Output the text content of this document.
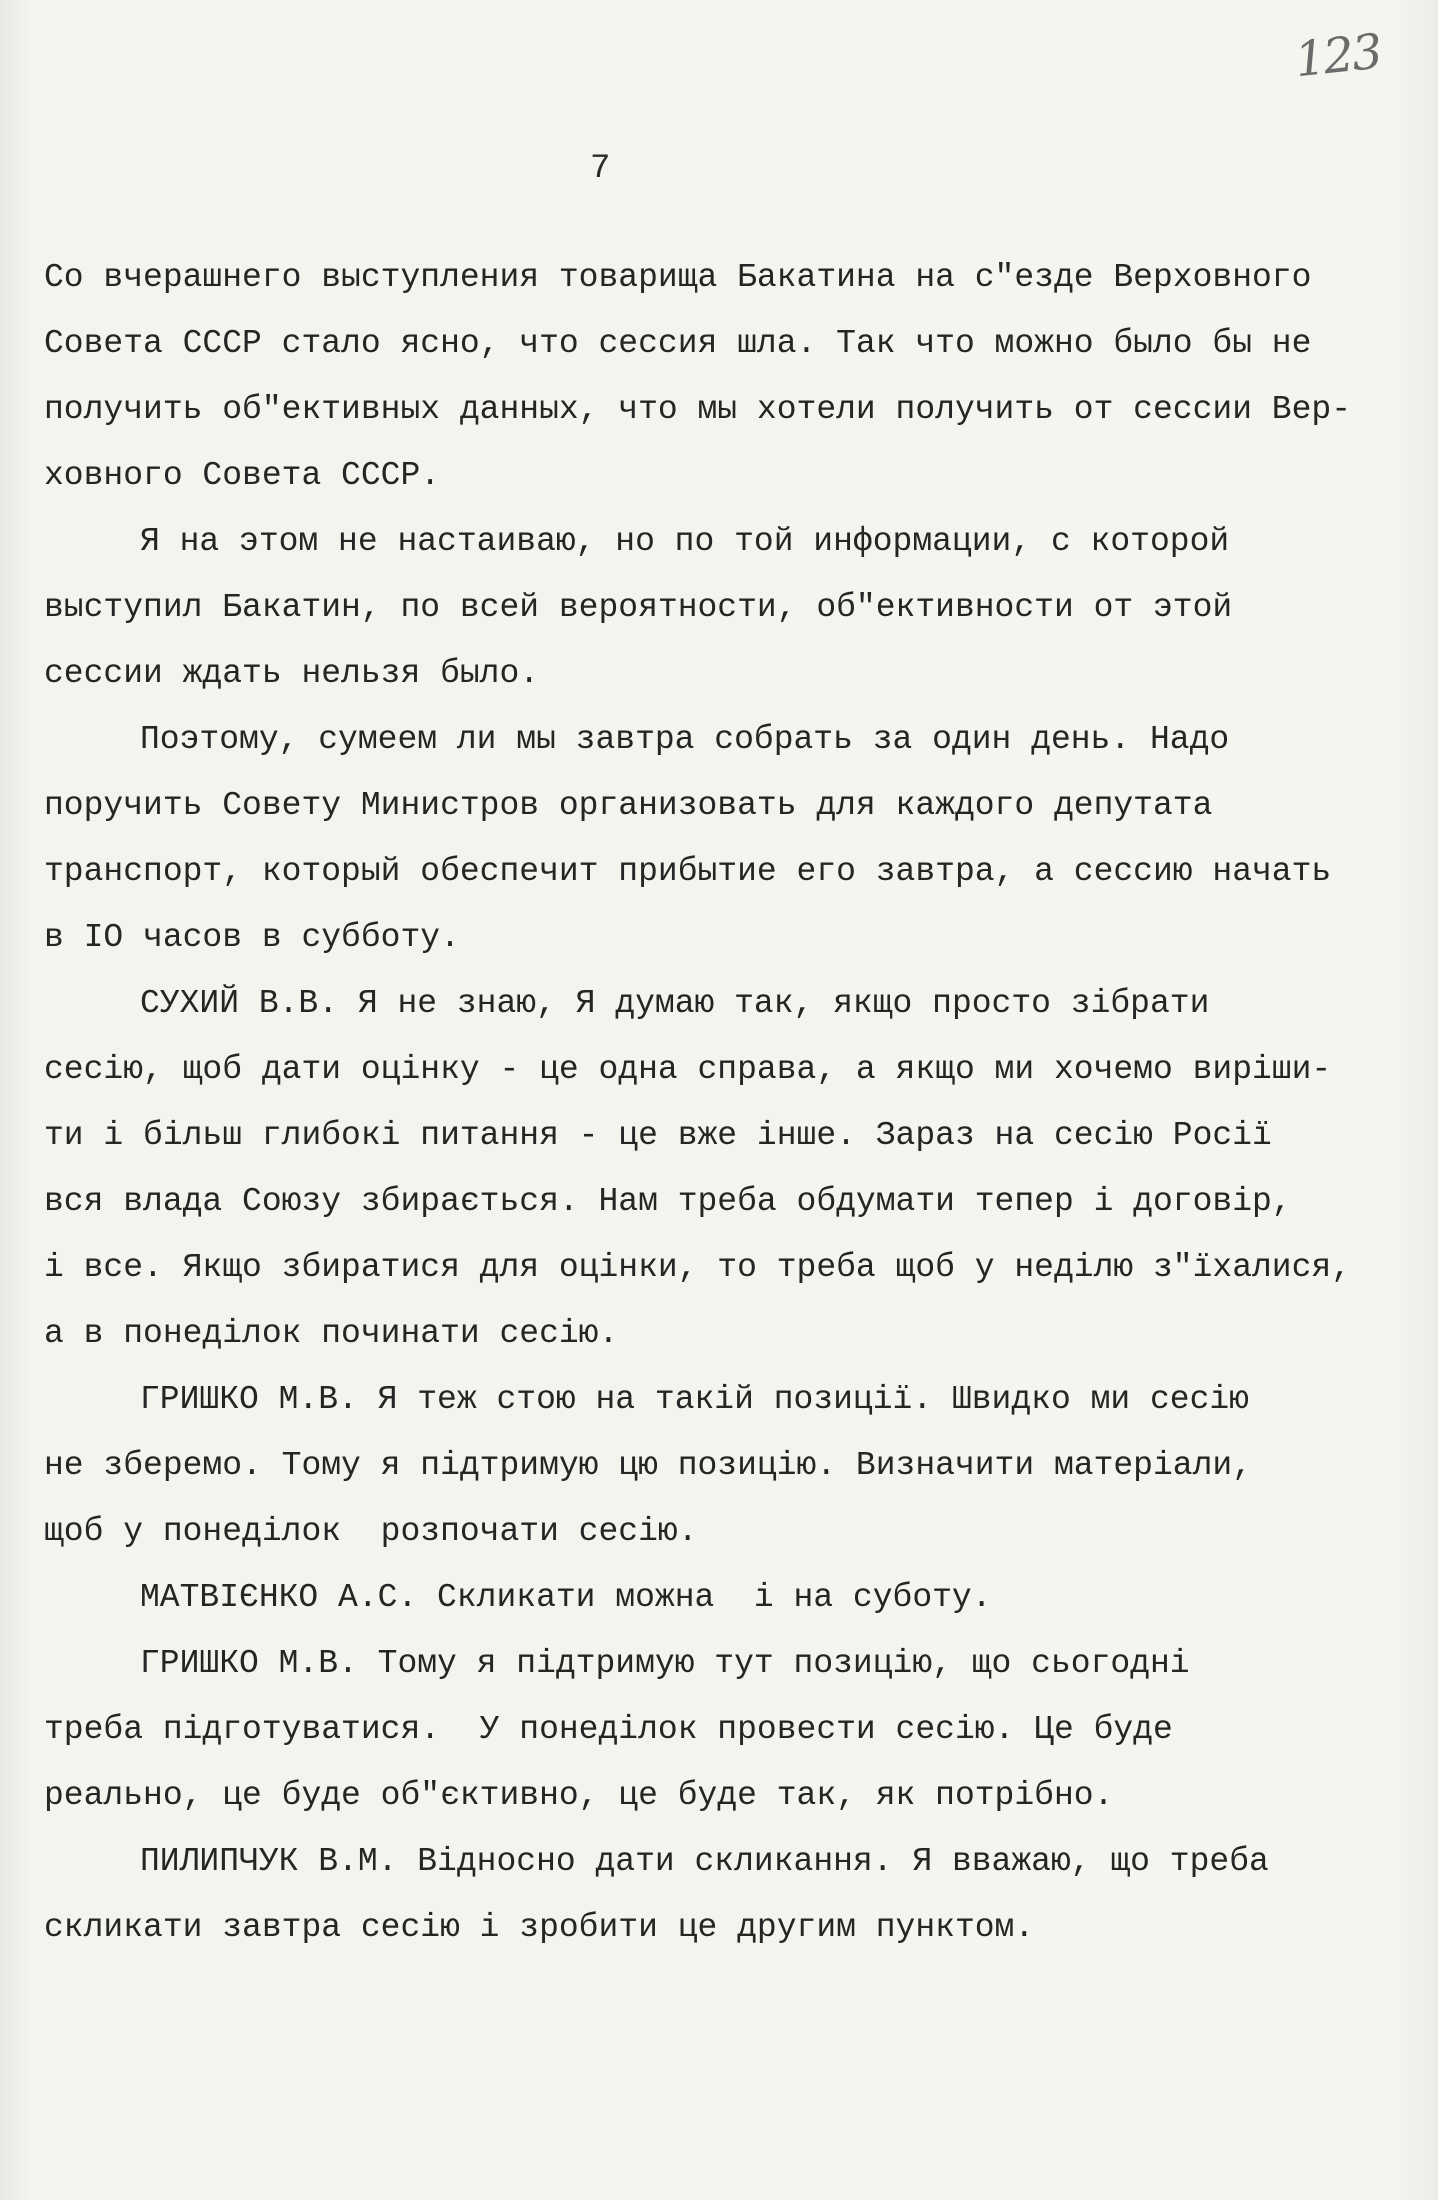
123
7

Со вчерашнего выступления товарища Бакатина на с"езде Верховного

Совета СССР стало ясно, что сессия шла. Так что можно было бы не

получить об"ективных данных, что мы хотели получить от сессии Вер-

ховного Совета СССР.

Я на этом не настаиваю, но по той информации, с которой

выступил Бакатин, по всей вероятности, об"ективности от этой

сессии ждать нельзя было.

Поэтому, сумеем ли мы завтра собрать за один день. Надо

поручить Совету Министров организовать для каждого депутата

транспорт, который обеспечит прибытие его завтра, а сессию начать

в IO часов в субботу.

СУХИЙ В.В. Я не знаю, Я думаю так, якщо просто зібрати

сесію, щоб дати оцінку - це одна справа, а якщо ми хочемо виріши-

ти і більш глибокі питання - це вже інше. Зараз на сесію Росії

вся влада Союзу збирається. Нам треба обдумати тепер і договір,

і все. Якщо збиратися для оцінки, то треба щоб у неділю з"їхалися,

а в понеділок починати сесію.

ГРИШКО М.В. Я теж стою на такій позиції. Швидко ми сесію

не зберемо. Тому я підтримую цю позицію. Визначити матеріали,

щоб у понеділок  розпочати сесію.

МАТВІЄНКО А.С. Скликати можна  і на суботу.

ГРИШКО М.В. Тому я підтримую тут позицію, що сьогодні

треба підготуватися.  У понеділок провести сесію. Це буде

реально, це буде об"єктивно, це буде так, як потрібно.

ПИЛИПЧУК В.М. Відносно дати скликання. Я вважаю, що треба

скликати завтра сесію і зробити це другим пунктом.
